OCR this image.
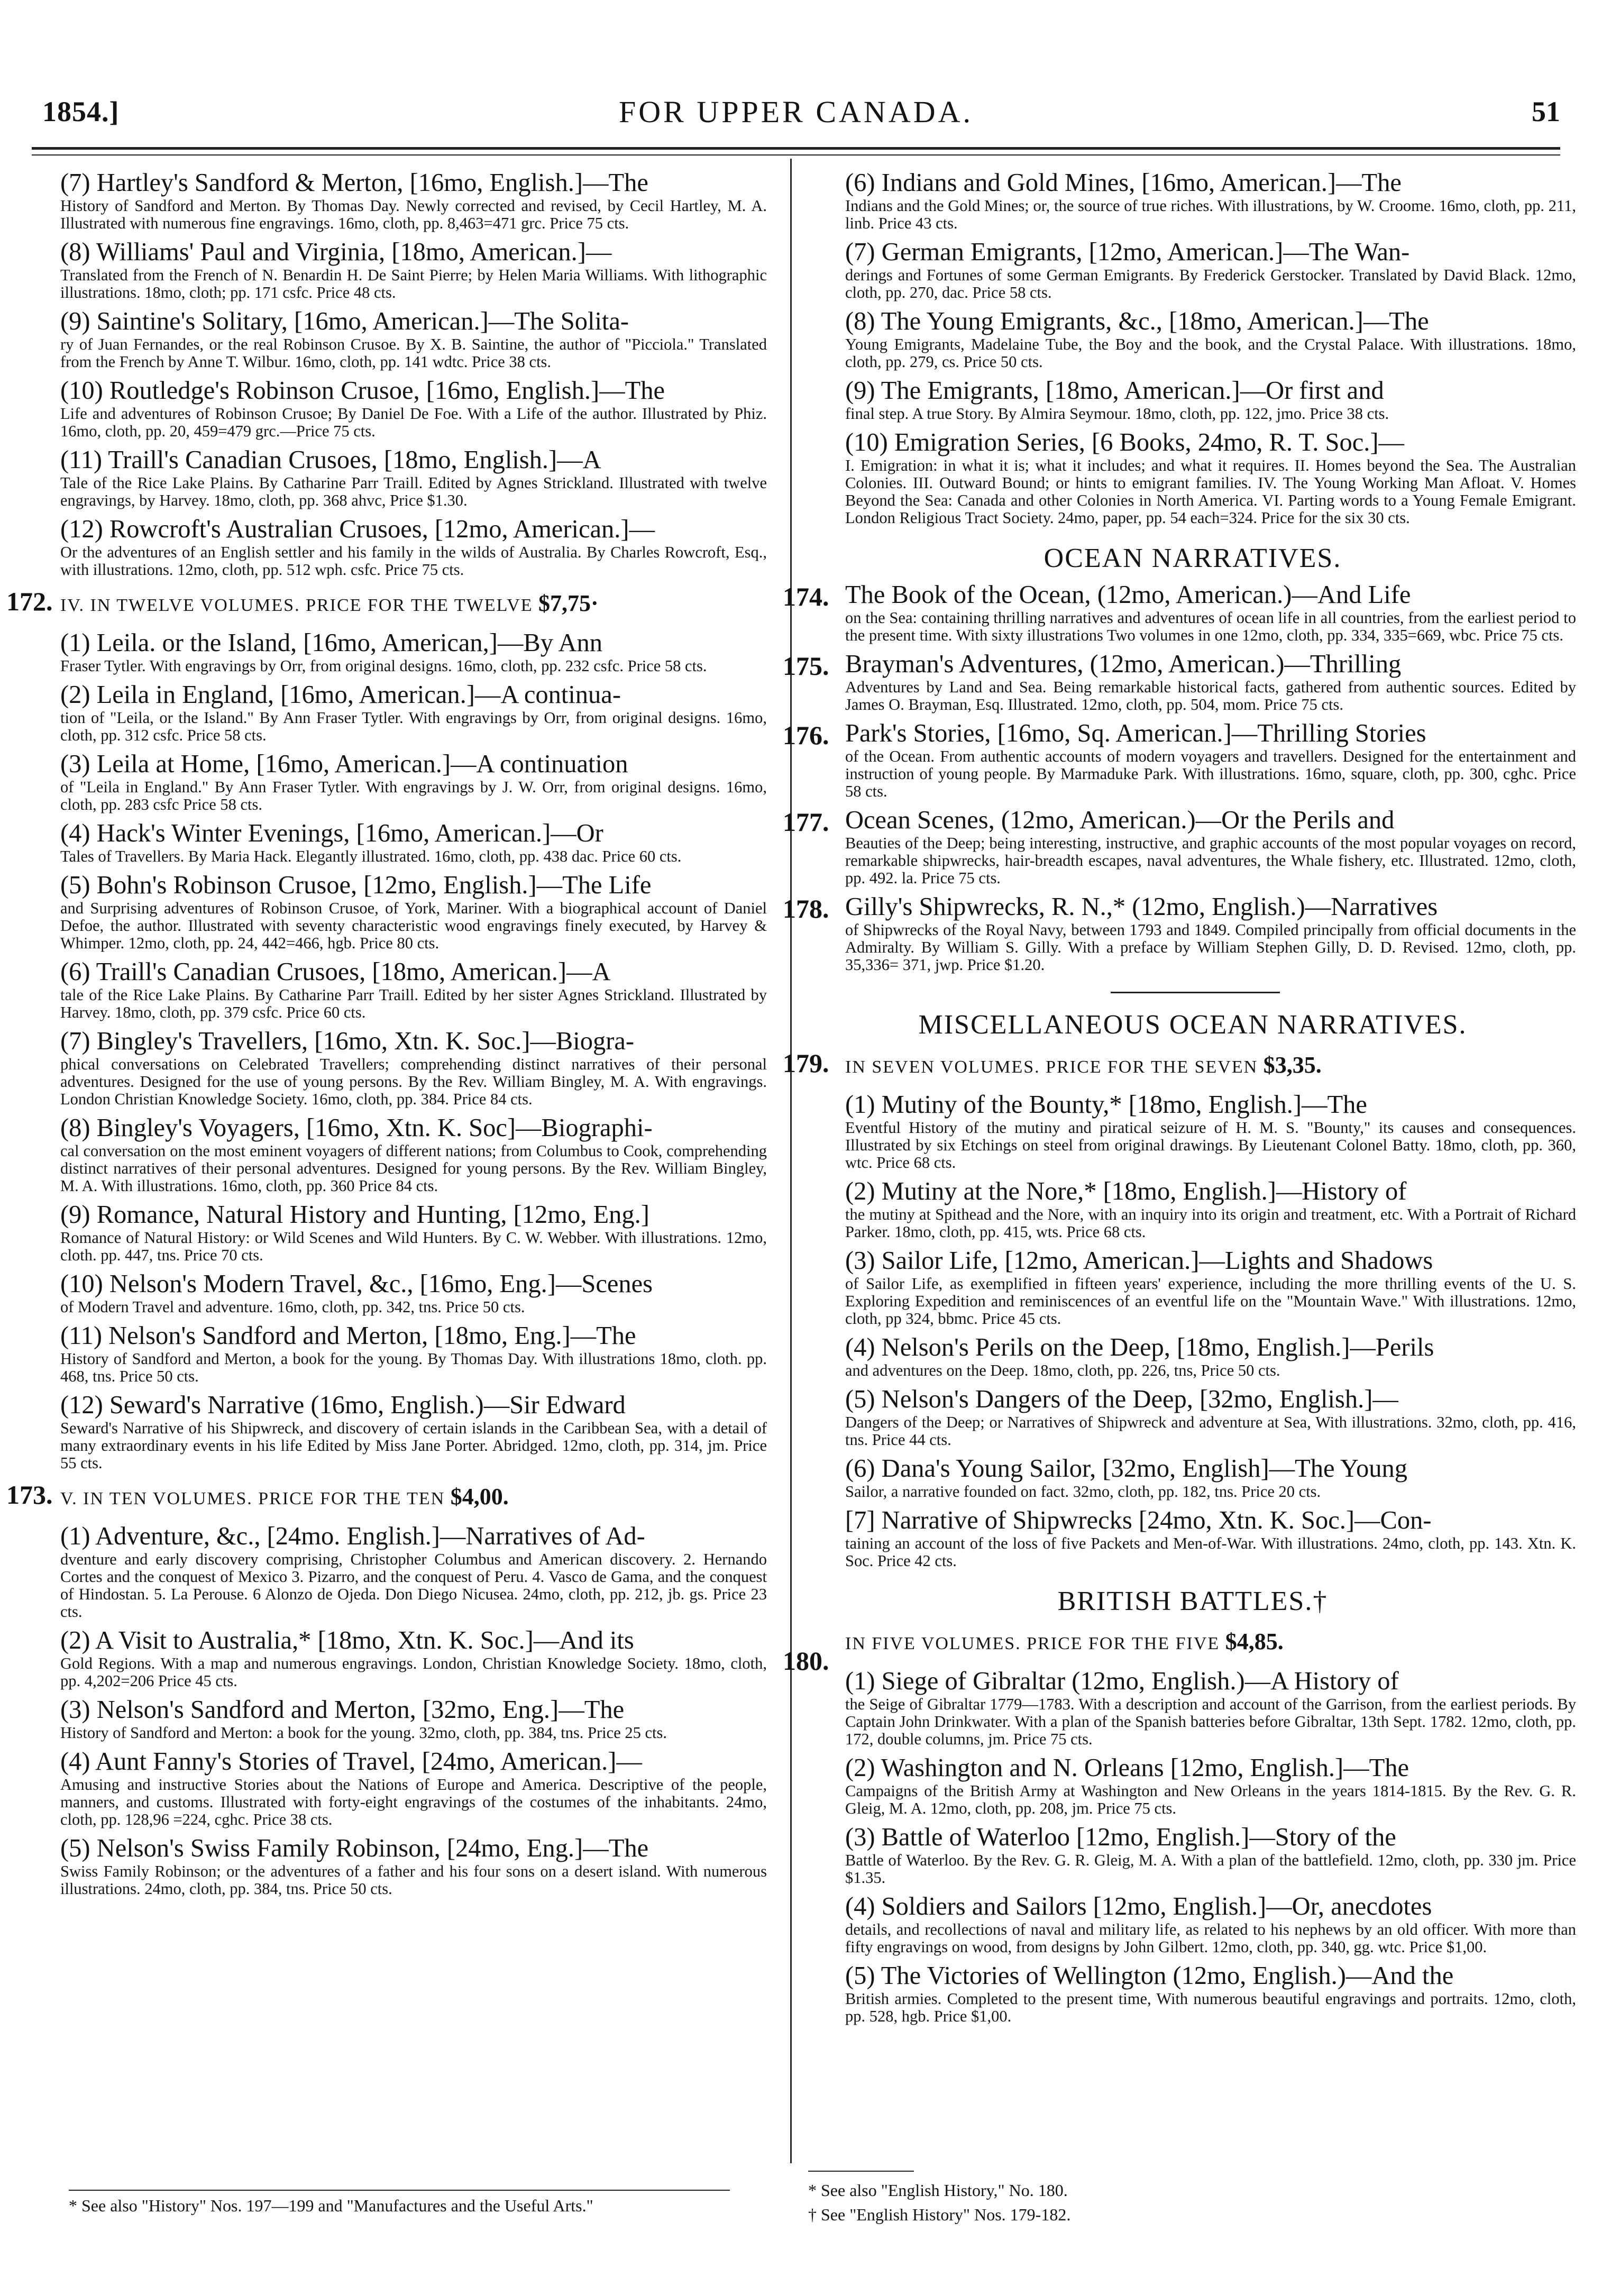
1854.]	FOR UPPER CANADA.	51
(7) Hartley's Sandford & Merton, [16mo, English.]—The
History of Sandford and Merton. By Thomas Day. Newly corrected and revised, by Cecil Hartley, M. A. Illustrated with numerous fine engravings. 16mo, cloth, pp. 8,463=471 grc. Price 75 cts.
(8) Williams' Paul and Virginia, [18mo, American.]—
Translated from the French of N. Benardin H. De Saint Pierre; by Helen Maria Williams. With lithographic illustrations. 18mo, cloth; pp. 171 csfc. Price 48 cts.
(9) Saintine's Solitary, [16mo, American.]—The Solita-
ry of Juan Fernandes, or the real Robinson Crusoe. By X. B. Saintine, the author of "Picciola." Translated from the French by Anne T. Wilbur. 16mo, cloth, pp. 141 wdtc. Price 38 cts.
(10) Routledge's Robinson Crusoe, [16mo, English.]—The
Life and adventures of Robinson Crusoe; By Daniel De Foe. With a Life of the author. Illustrated by Phiz. 16mo, cloth, pp. 20, 459=479 grc.—Price 75 cts.
(11) Traill's Canadian Crusoes, [18mo, English.]—A
Tale of the Rice Lake Plains. By Catharine Parr Traill. Edited by Agnes Strickland. Illustrated with twelve engravings, by Harvey. 18mo, cloth, pp. 368 ahvc, Price $1.30.
(12) Rowcroft's Australian Crusoes, [12mo, American.]—
Or the adventures of an English settler and his family in the wilds of Australia. By Charles Rowcroft, Esq., with illustrations. 12mo, cloth, pp. 512 wph. csfc. Price 75 cts.
172. IV. IN TWELVE VOLUMES. PRICE FOR THE TWELVE $7,75·
(1) Leila. or the Island, [16mo, American,]—By Ann
Fraser Tytler. With engravings by Orr, from original designs. 16mo, cloth, pp. 232 csfc. Price 58 cts.
(2) Leila in England, [16mo, American.]—A continua-
tion of "Leila, or the Island." By Ann Fraser Tytler. With engravings by Orr, from original designs. 16mo, cloth, pp. 312 csfc. Price 58 cts.
(3) Leila at Home, [16mo, American.]—A continuation
of "Leila in England." By Ann Fraser Tytler. With engravings by J. W. Orr, from original designs. 16mo, cloth, pp. 283 csfc Price 58 cts.
(4) Hack's Winter Evenings, [16mo, American.]—Or
Tales of Travellers. By Maria Hack. Elegantly illustrated. 16mo, cloth, pp. 438 dac. Price 60 cts.
(5) Bohn's Robinson Crusoe, [12mo, English.]—The Life
and Surprising adventures of Robinson Crusoe, of York, Mariner. With a biographical account of Daniel Defoe, the author. Illustrated with seventy characteristic wood engravings finely executed, by Harvey & Whimper. 12mo, cloth, pp. 24, 442=466, hgb. Price 80 cts.
(6) Traill's Canadian Crusoes, [18mo, American.]—A
tale of the Rice Lake Plains. By Catharine Parr Traill. Edited by her sister Agnes Strickland. Illustrated by Harvey. 18mo, cloth, pp. 379 csfc. Price 60 cts.
(7) Bingley's Travellers, [16mo, Xtn. K. Soc.]—Biogra-
phical conversations on Celebrated Travellers; comprehending distinct narratives of their personal adventures. Designed for the use of young persons. By the Rev. William Bingley, M. A. With engravings. London Christian Knowledge Society. 16mo, cloth, pp. 384. Price 84 cts.
(8) Bingley's Voyagers, [16mo, Xtn. K. Soc]—Biographi-
cal conversation on the most eminent voyagers of different nations; from Columbus to Cook, comprehending distinct narratives of their personal adventures. Designed for young persons. By the Rev. William Bingley, M. A. With illustrations. 16mo, cloth, pp. 360 Price 84 cts.
(9) Romance, Natural History and Hunting, [12mo, Eng.]
Romance of Natural History: or Wild Scenes and Wild Hunters. By C. W. Webber. With illustrations. 12mo, cloth. pp. 447, tns. Price 70 cts.
(10) Nelson's Modern Travel, &c., [16mo, Eng.]—Scenes
of Modern Travel and adventure. 16mo, cloth, pp. 342, tns. Price 50 cts.
(11) Nelson's Sandford and Merton, [18mo, Eng.]—The
History of Sandford and Merton, a book for the young. By Thomas Day. With illustrations 18mo, cloth. pp. 468, tns. Price 50 cts.
(12) Seward's Narrative (16mo, English.)—Sir Edward
Seward's Narrative of his Shipwreck, and discovery of certain islands in the Caribbean Sea, with a detail of many extraordinary events in his life Edited by Miss Jane Porter. Abridged. 12mo, cloth, pp. 314, jm. Price 55 cts.
173. V. IN TEN VOLUMES. PRICE FOR THE TEN $4,00.
(1) Adventure, &c., [24mo. English.]—Narratives of Ad-
dventure and early discovery comprising, Christopher Columbus and American discovery. 2. Hernando Cortes and the conquest of Mexico 3. Pizarro, and the conquest of Peru. 4. Vasco de Gama, and the conquest of Hindostan. 5. La Perouse. 6 Alonzo de Ojeda. Don Diego Nicusea. 24mo, cloth, pp. 212, jb. gs. Price 23 cts.
(2) A Visit to Australia,* [18mo, Xtn. K. Soc.]—And its
Gold Regions. With a map and numerous engravings. London, Christian Knowledge Society. 18mo, cloth, pp. 4,202=206 Price 45 cts.
(3) Nelson's Sandford and Merton, [32mo, Eng.]—The
History of Sandford and Merton: a book for the young. 32mo, cloth, pp. 384, tns. Price 25 cts.
(4) Aunt Fanny's Stories of Travel, [24mo, American.]—
Amusing and instructive Stories about the Nations of Europe and America. Descriptive of the people, manners, and customs. Illustrated with forty-eight engravings of the costumes of the inhabitants. 24mo, cloth, pp. 128,96 =224, cghc. Price 38 cts.
(5) Nelson's Swiss Family Robinson, [24mo, Eng.]—The
Swiss Family Robinson; or the adventures of a father and his four sons on a desert island. With numerous illustrations. 24mo, cloth, pp. 384, tns. Price 50 cts.
* See also "History" Nos. 197—199 and "Manufactures and the Useful Arts."
(6) Indians and Gold Mines, [16mo, American.]—The
Indians and the Gold Mines; or, the source of true riches. With illustrations, by W. Croome. 16mo, cloth, pp. 211, linb. Price 43 cts.
(7) German Emigrants, [12mo, American.]—The Wan-
derings and Fortunes of some German Emigrants. By Frederick Gerstocker. Translated by David Black. 12mo, cloth, pp. 270, dac. Price 58 cts.
(8) The Young Emigrants, &c., [18mo, American.]—The
Young Emigrants, Madelaine Tube, the Boy and the book, and the Crystal Palace. With illustrations. 18mo, cloth, pp. 279, cs. Price 50 cts.
(9) The Emigrants, [18mo, American.]—Or first and
final step. A true Story. By Almira Seymour. 18mo, cloth, pp. 122, jmo. Price 38 cts.
(10) Emigration Series, [6 Books, 24mo, R. T. Soc.]—
I. Emigration: in what it is; what it includes; and what it requires. II. Homes beyond the Sea. The Australian Colonies. III. Outward Bound; or hints to emigrant families. IV. The Young Working Man Afloat. V. Homes Beyond the Sea: Canada and other Colonies in North America. VI. Parting words to a Young Female Emigrant. London Religious Tract Society. 24mo, paper, pp. 54 each=324. Price for the six 30 cts.
OCEAN NARRATIVES.
174. The Book of the Ocean, (12mo, American.)—And Life
on the Sea: containing thrilling narratives and adventures of ocean life in all countries, from the earliest period to the present time. With sixty illustrations Two volumes in one 12mo, cloth, pp. 334, 335=669, wbc. Price 75 cts.
175. Brayman's Adventures, (12mo, American.)—Thrilling
Adventures by Land and Sea. Being remarkable historical facts, gathered from authentic sources. Edited by James O. Brayman, Esq. Illustrated. 12mo, cloth, pp. 504, mom. Price 75 cts.
176. Park's Stories, [16mo, Sq. American.]—Thrilling Stories
of the Ocean. From authentic accounts of modern voyagers and travellers. Designed for the entertainment and instruction of young people. By Marmaduke Park. With illustrations. 16mo, square, cloth, pp. 300, cghc. Price 58 cts.
177. Ocean Scenes, (12mo, American.)—Or the Perils and
Beauties of the Deep; being interesting, instructive, and graphic accounts of the most popular voyages on record, remarkable shipwrecks, hair-breadth escapes, naval adventures, the Whale fishery, etc. Illustrated. 12mo, cloth, pp. 492. la. Price 75 cts.
178. Gilly's Shipwrecks, R. N.,* (12mo, English.)—Narratives
of Shipwrecks of the Royal Navy, between 1793 and 1849. Compiled principally from official documents in the Admiralty. By William S. Gilly. With a preface by William Stephen Gilly, D. D. Revised. 12mo, cloth, pp. 35,336= 371, jwp. Price $1.20.
MISCELLANEOUS OCEAN NARRATIVES.
179. IN SEVEN VOLUMES. PRICE FOR THE SEVEN $3,35.
(1) Mutiny of the Bounty,* [18mo, English.]—The
Eventful History of the mutiny and piratical seizure of H. M. S. "Bounty," its causes and consequences. Illustrated by six Etchings on steel from original drawings. By Lieutenant Colonel Batty. 18mo, cloth, pp. 360, wtc. Price 68 cts.
(2) Mutiny at the Nore,* [18mo, English.]—History of
the mutiny at Spithead and the Nore, with an inquiry into its origin and treatment, etc. With a Portrait of Richard Parker. 18mo, cloth, pp. 415, wts. Price 68 cts.
(3) Sailor Life, [12mo, American.]—Lights and Shadows
of Sailor Life, as exemplified in fifteen years' experience, including the more thrilling events of the U. S. Exploring Expedition and reminiscences of an eventful life on the "Mountain Wave." With illustrations. 12mo, cloth, pp 324, bbmc. Price 45 cts.
(4) Nelson's Perils on the Deep, [18mo, English.]—Perils
and adventures on the Deep. 18mo, cloth, pp. 226, tns, Price 50 cts.
(5) Nelson's Dangers of the Deep, [32mo, English.]—
Dangers of the Deep; or Narratives of Shipwreck and adventure at Sea, With illustrations. 32mo, cloth, pp. 416, tns. Price 44 cts.
(6) Dana's Young Sailor, [32mo, English]—The Young
Sailor, a narrative founded on fact. 32mo, cloth, pp. 182, tns. Price 20 cts.
[7] Narrative of Shipwrecks [24mo, Xtn. K. Soc.]—Con-
taining an account of the loss of five Packets and Men-of-War. With illustrations. 24mo, cloth, pp. 143. Xtn. K. Soc. Price 42 cts.
BRITISH BATTLES.†
180.
IN FIVE VOLUMES. PRICE FOR THE FIVE $4,85.
(1) Siege of Gibraltar (12mo, English.)—A History of
the Seige of Gibraltar 1779—1783. With a description and account of the Garrison, from the earliest periods. By Captain John Drinkwater. With a plan of the Spanish batteries before Gibraltar, 13th Sept. 1782. 12mo, cloth, pp. 172, double columns, jm. Price 75 cts.
(2) Washington and N. Orleans [12mo, English.]—The
Campaigns of the British Army at Washington and New Orleans in the years 1814-1815. By the Rev. G. R. Gleig, M. A. 12mo, cloth, pp. 208, jm. Price 75 cts.
(3) Battle of Waterloo [12mo, English.]—Story of the
Battle of Waterloo. By the Rev. G. R. Gleig, M. A. With a plan of the battlefield. 12mo, cloth, pp. 330 jm. Price $1.35.
(4) Soldiers and Sailors [12mo, English.]—Or, anecdotes
details, and recollections of naval and military life, as related to his nephews by an old officer. With more than fifty engravings on wood, from designs by John Gilbert. 12mo, cloth, pp. 340, gg. wtc. Price $1,00.
(5) The Victories of Wellington (12mo, English.)—And the
British armies. Completed to the present time, With numerous beautiful engravings and portraits. 12mo, cloth, pp. 528, hgb. Price $1,00.
* See also "English History," No. 180.
† See "English History" Nos. 179-182.
